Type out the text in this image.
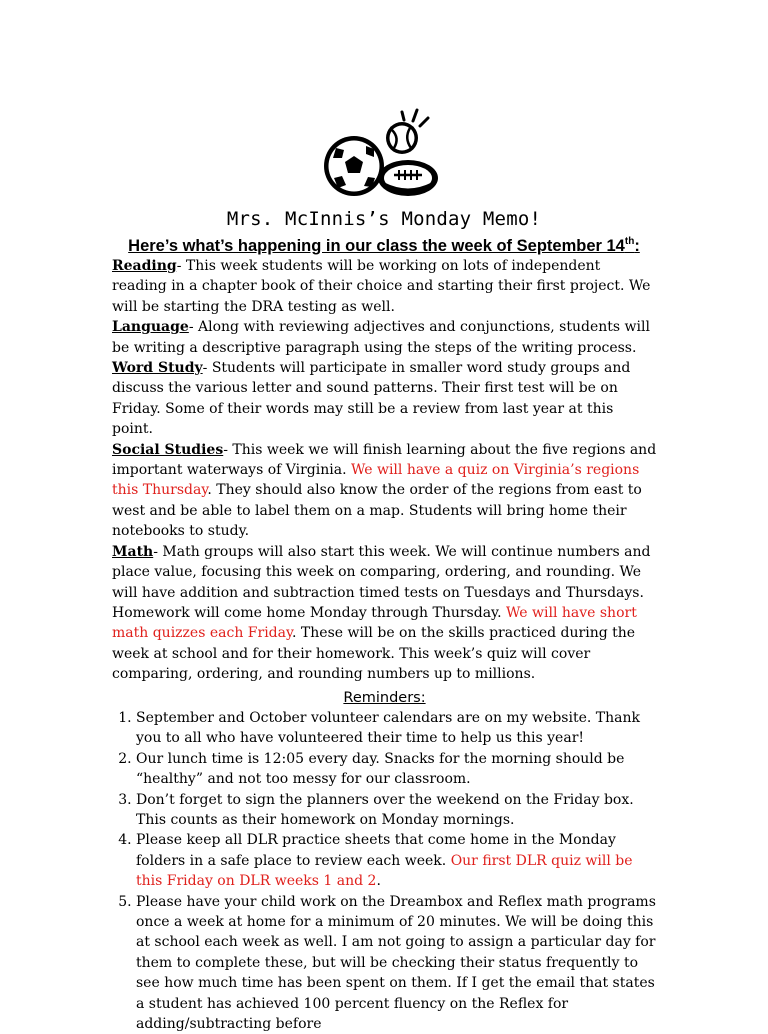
Mrs. McInnis’s Monday Memo!
Here’s what’s happening in our class the week of September 14th:

Reading- This week students will be working on lots of independent reading in a chapter book of their choice and starting their first project. We will be starting the DRA testing as well.

Language- Along with reviewing adjectives and conjunctions, students will be writing a descriptive paragraph using the steps of the writing process.

Word Study- Students will participate in smaller word study groups and discuss the various letter and sound patterns. Their first test will be on Friday. Some of their words may still be a review from last year at this point.

Social Studies- This week we will finish learning about the five regions and important waterways of Virginia. We will have a quiz on Virginia’s regions this Thursday. They should also know the order of the regions from east to west and be able to label them on a map. Students will bring home their notebooks to study.

Math- Math groups will also start this week. We will continue numbers and place value, focusing this week on comparing, ordering, and rounding. We will have addition and subtraction timed tests on Tuesdays and Thursdays. Homework will come home Monday through Thursday. We will have short math quizzes each Friday. These will be on the skills practiced during the week at school and for their homework. This week’s quiz will cover comparing, ordering, and rounding numbers up to millions.

Reminders:
1. September and October volunteer calendars are on my website. Thank you to all who have volunteered their time to help us this year!
2. Our lunch time is 12:05 every day. Snacks for the morning should be “healthy” and not too messy for our classroom.
3. Don’t forget to sign the planners over the weekend on the Friday box. This counts as their homework on Monday mornings.
4. Please keep all DLR practice sheets that come home in the Monday folders in a safe place to review each week. Our first DLR quiz will be this Friday on DLR weeks 1 and 2.
5. Please have your child work on the Dreambox and Reflex math programs once a week at home for a minimum of 20 minutes. We will be doing this at school each week as well. I am not going to assign a particular day for them to complete these, but will be checking their status frequently to see how much time has been spent on them. If I get the email that states a student has achieved 100 percent fluency on the Reflex for adding/subtracting before
